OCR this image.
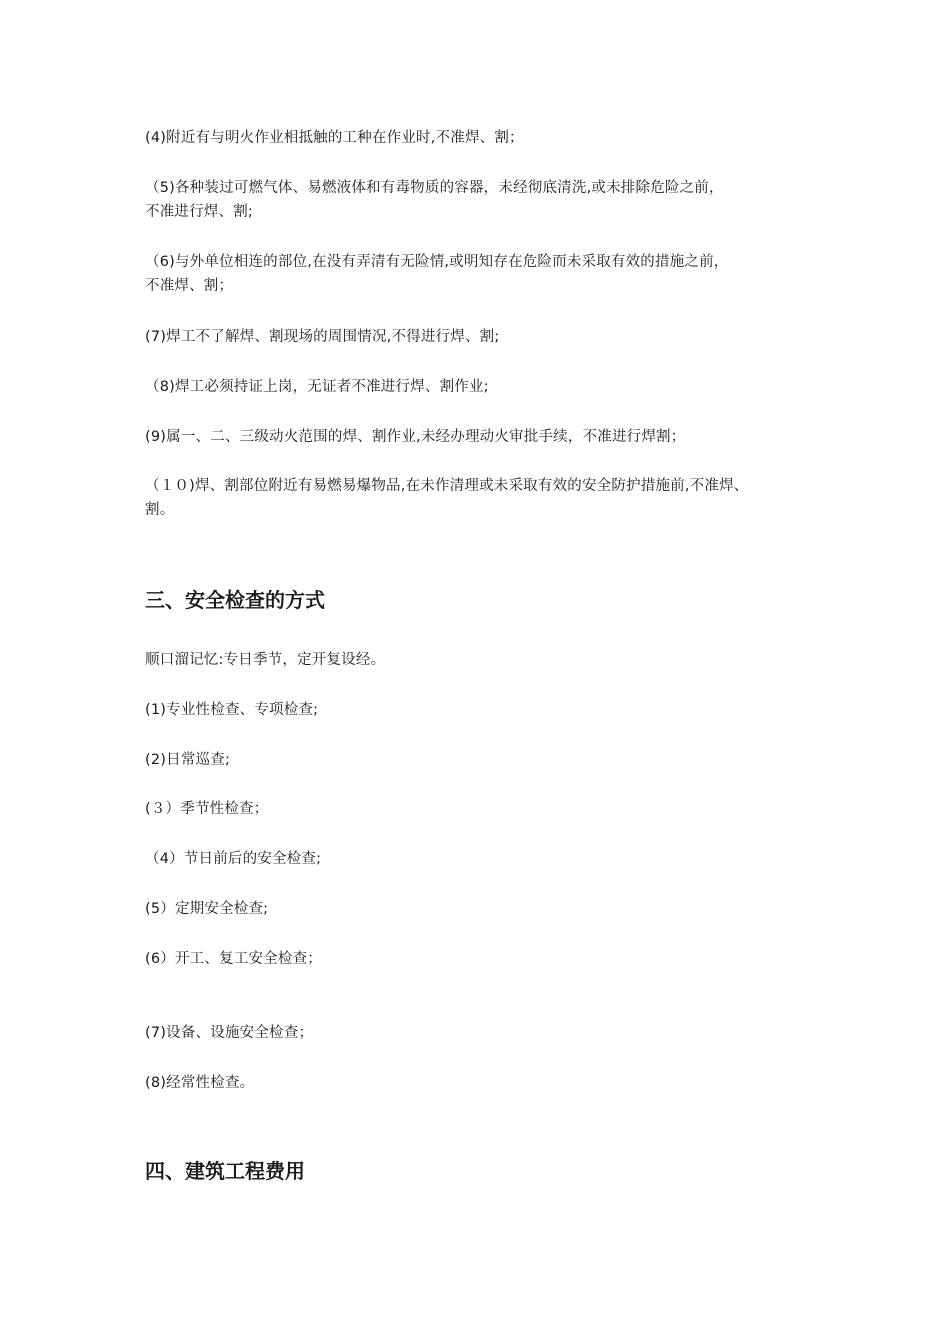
(4)附近有与明火作业相抵触的工种在作业时,不准焊、割；

（5)各种装过可燃气体、易燃液体和有毒物质的容器，未经彻底清洗,或未排除危险之前，
不准进行焊、割;

（6)与外单位相连的部位,在没有弄清有无险情,或明知存在危险而未采取有效的措施之前，
不准焊、割；

(7)焊工不了解焊、割现场的周围情况,不得进行焊、割;

（8)焊工必须持证上岗，无证者不准进行焊、割作业;

(9)属一、二、三级动火范围的焊、割作业,未经办理动火审批手续，不准进行焊割；

（１０)焊、割部位附近有易燃易爆物品,在未作清理或未采取有效的安全防护措施前,不准焊、
割。

三、安全检查的方式

顺口溜记忆:专日季节，定开复设经。

(1)专业性检查、专项检查;

(2)日常巡查;

(３）季节性检查；

（4）节日前后的安全检查;

(5）定期安全检查;

(6）开工、复工安全检查；

(7)设备、设施安全检查；

(8)经常性检查。

四、建筑工程费用
